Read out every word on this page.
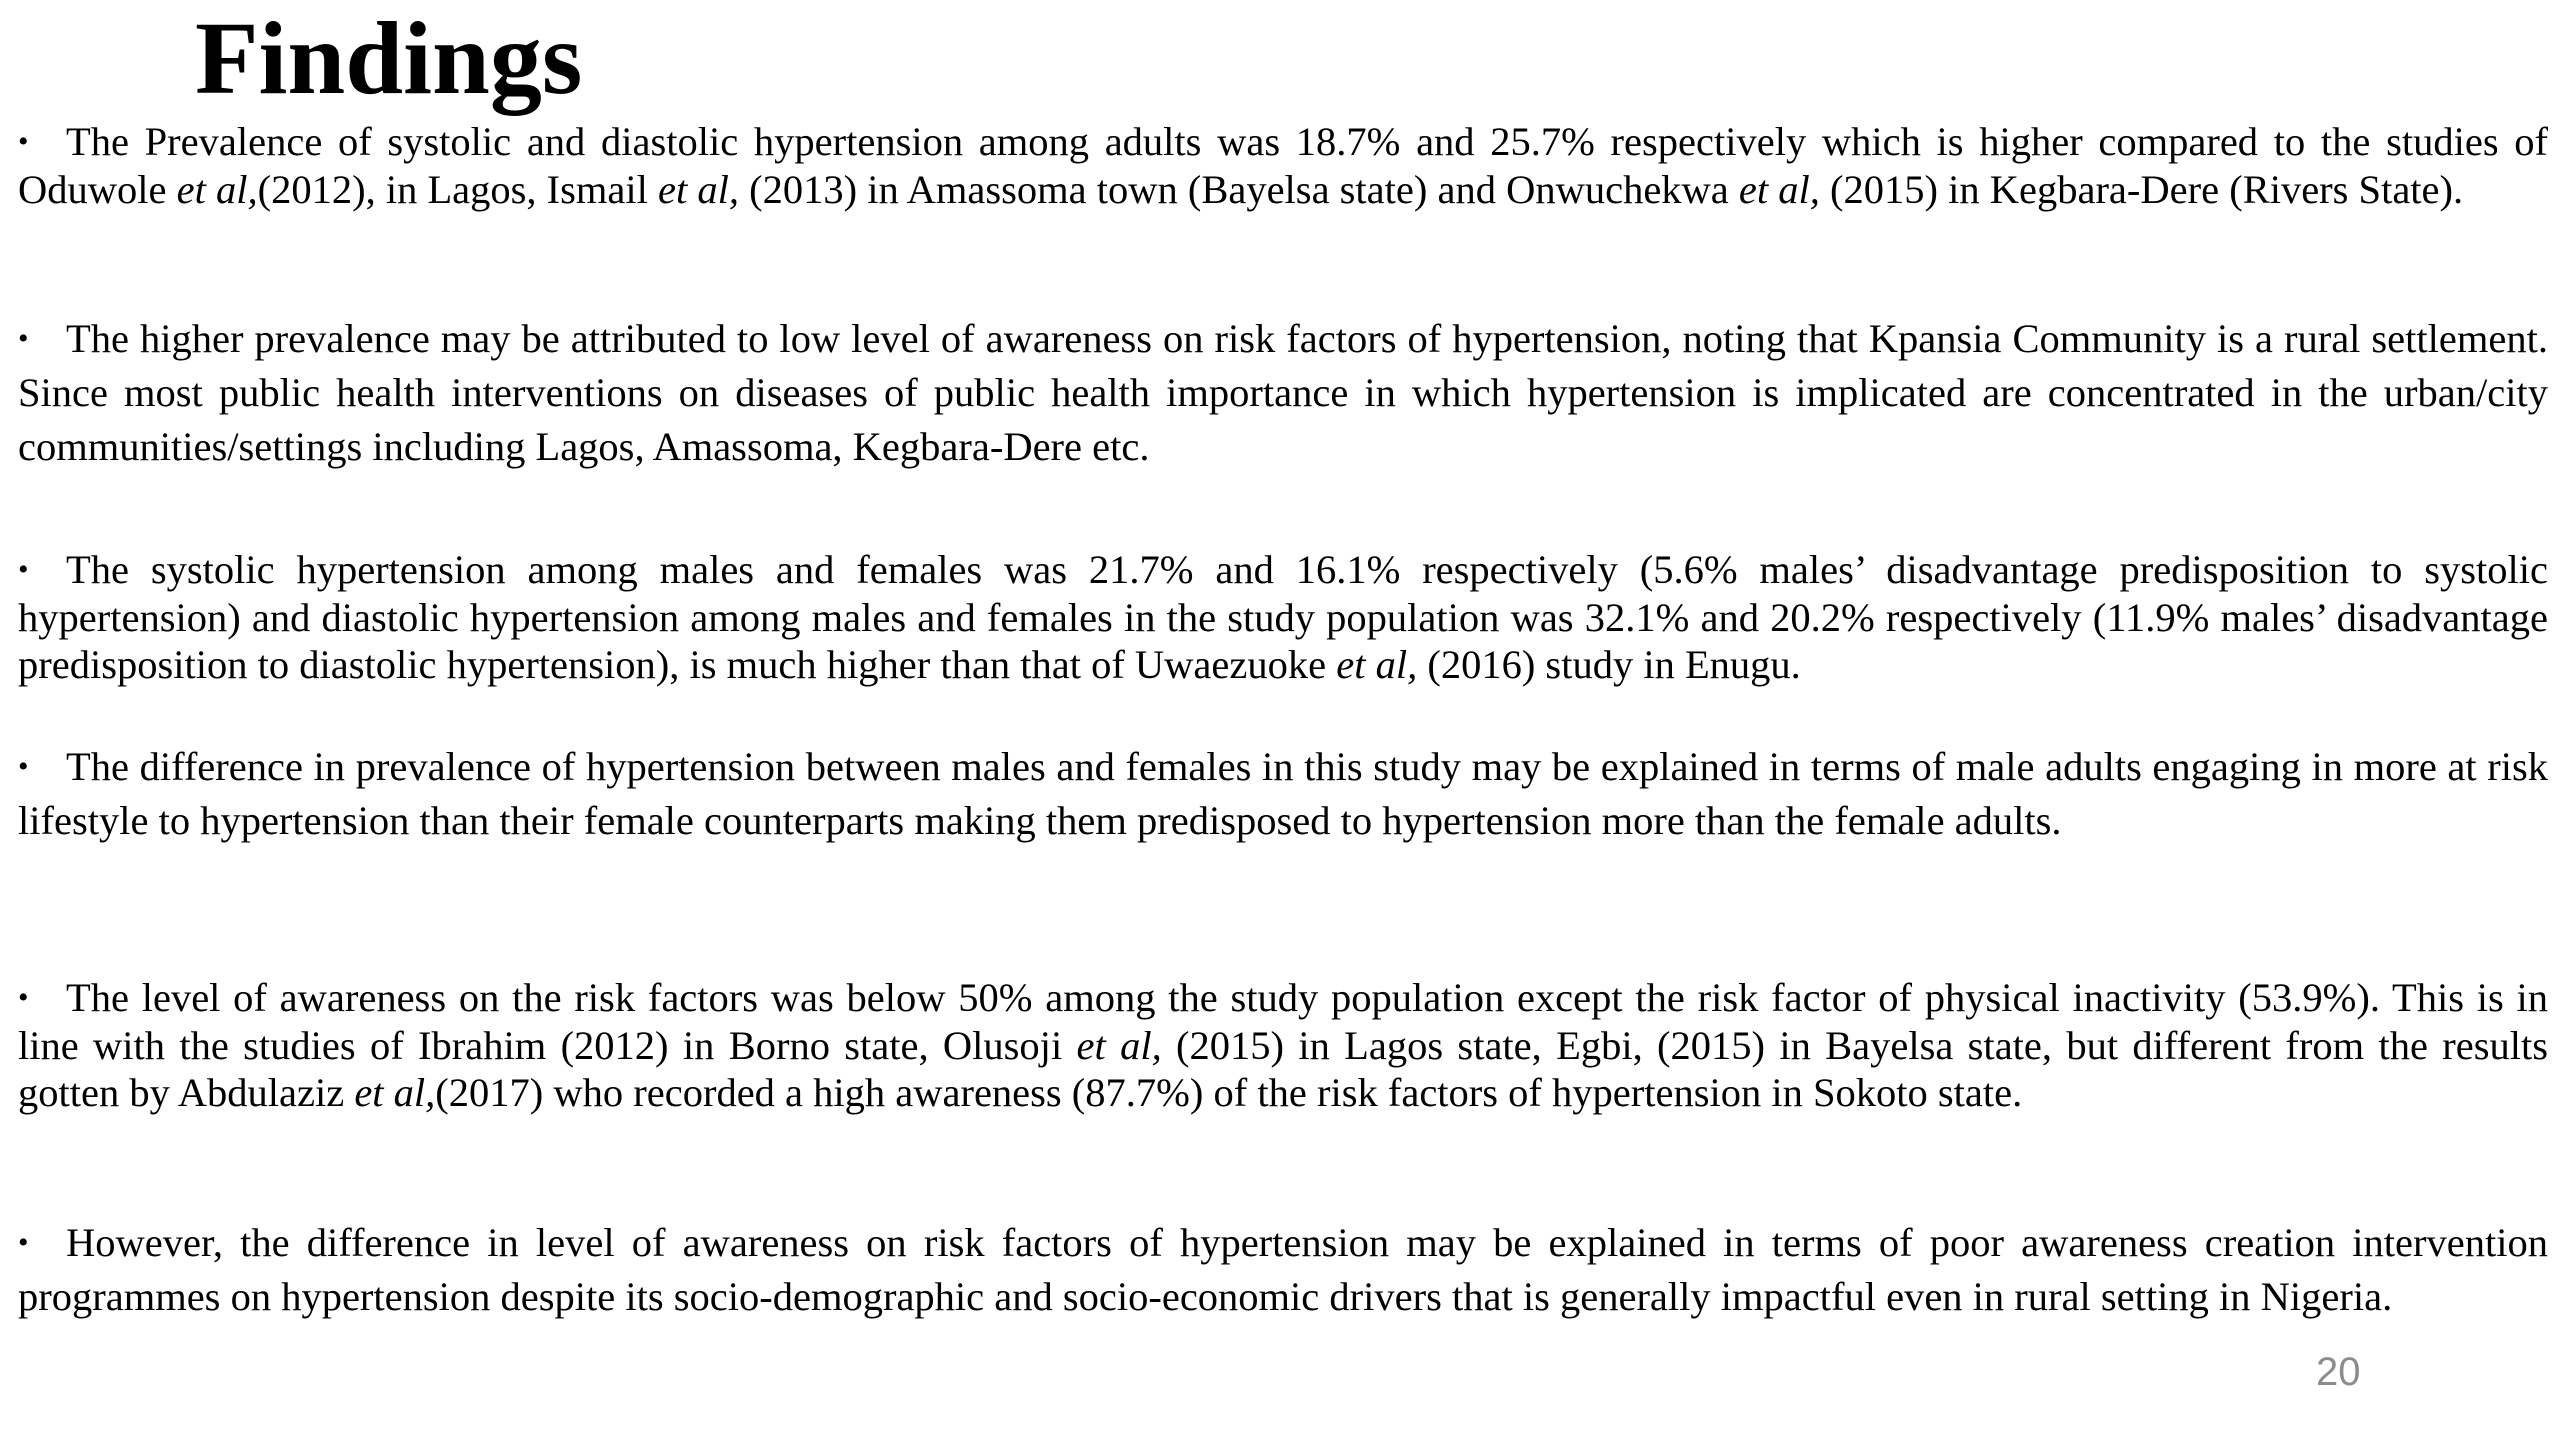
Findings

• The Prevalence of systolic and diastolic hypertension among adults was 18.7% and 25.7% respectively which is higher compared to the studies of Oduwole et al,(2012), in Lagos, Ismail et al, (2013) in Amassoma town (Bayelsa state) and Onwuchekwa et al, (2015) in Kegbara-Dere (Rivers State).

• The higher prevalence may be attributed to low level of awareness on risk factors of hypertension, noting that Kpansia Community is a rural settlement. Since most public health interventions on diseases of public health importance in which hypertension is implicated are concentrated in the urban/city communities/settings including Lagos, Amassoma, Kegbara-Dere etc.

• The systolic hypertension among males and females was 21.7% and 16.1% respectively (5.6% males’ disadvantage predisposition to systolic hypertension) and diastolic hypertension among males and females in the study population was 32.1% and 20.2% respectively (11.9% males’ disadvantage predisposition to diastolic hypertension), is much higher than that of Uwaezuoke et al, (2016) study in Enugu.

• The difference in prevalence of hypertension between males and females in this study may be explained in terms of male adults engaging in more at risk lifestyle to hypertension than their female counterparts making them predisposed to hypertension more than the female adults.

• The level of awareness on the risk factors was below 50% among the study population except the risk factor of physical inactivity (53.9%). This is in line with the studies of Ibrahim (2012) in Borno state, Olusoji et al, (2015) in Lagos state, Egbi, (2015) in Bayelsa state, but different from the results gotten by Abdulaziz et al,(2017) who recorded a high awareness (87.7%) of the risk factors of hypertension in Sokoto state.

• However, the difference in level of awareness on risk factors of hypertension may be explained in terms of poor awareness creation intervention programmes on hypertension despite its socio-demographic and socio-economic drivers that is generally impactful even in rural setting in Nigeria.

20
